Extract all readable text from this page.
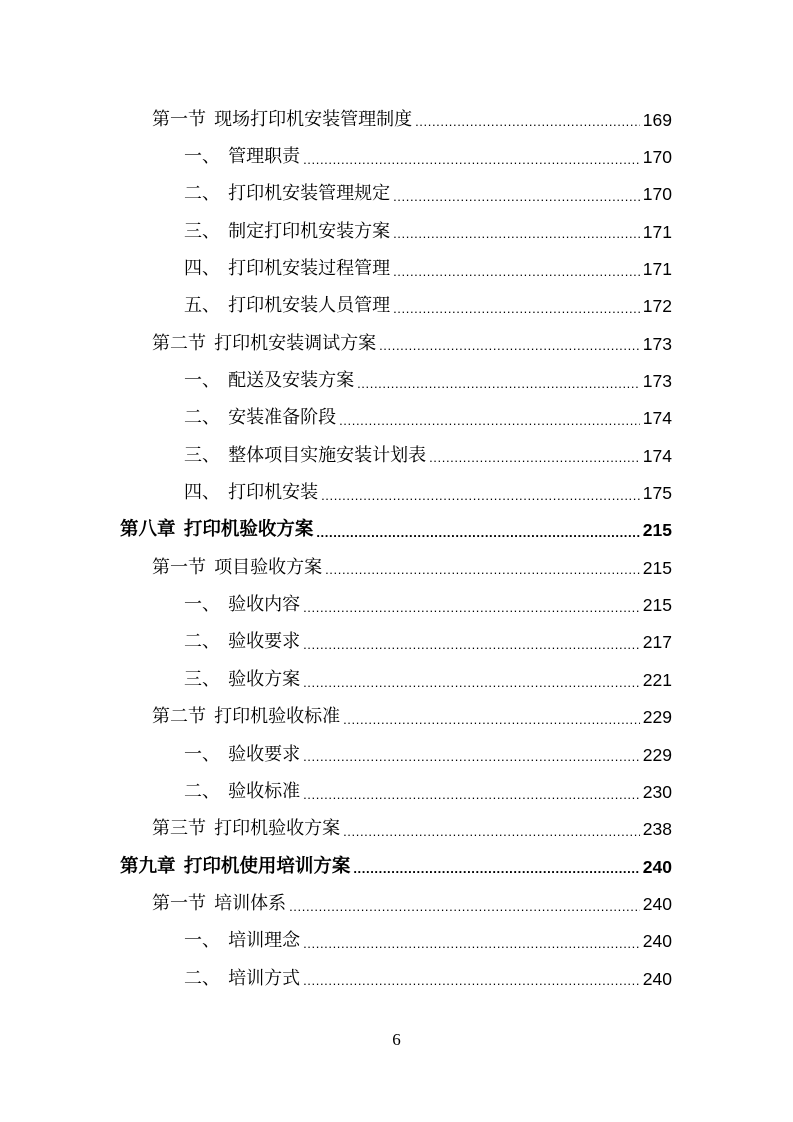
第一节 现场打印机安装管理制度 .....	169
一、 管理职责 .....	170
二、 打印机安装管理规定 .....	170
三、 制定打印机安装方案 .....	171
四、 打印机安装过程管理 .....	171
五、 打印机安装人员管理 .....	172
第二节 打印机安装调试方案 .....	173
一、 配送及安装方案 .....	173
二、 安装准备阶段 .....	174
三、 整体项目实施安装计划表 .....	174
四、 打印机安装 .....	175
第八章 打印机验收方案 .....	215
第一节 项目验收方案 .....	215
一、 验收内容 .....	215
二、 验收要求 .....	217
三、 验收方案 .....	221
第二节 打印机验收标准 .....	229
一、 验收要求 .....	229
二、 验收标准 .....	230
第三节 打印机验收方案 .....	238
第九章 打印机使用培训方案 .....	240
第一节 培训体系 .....	240
一、 培训理念 .....	240
二、 培训方式 .....	240
6
